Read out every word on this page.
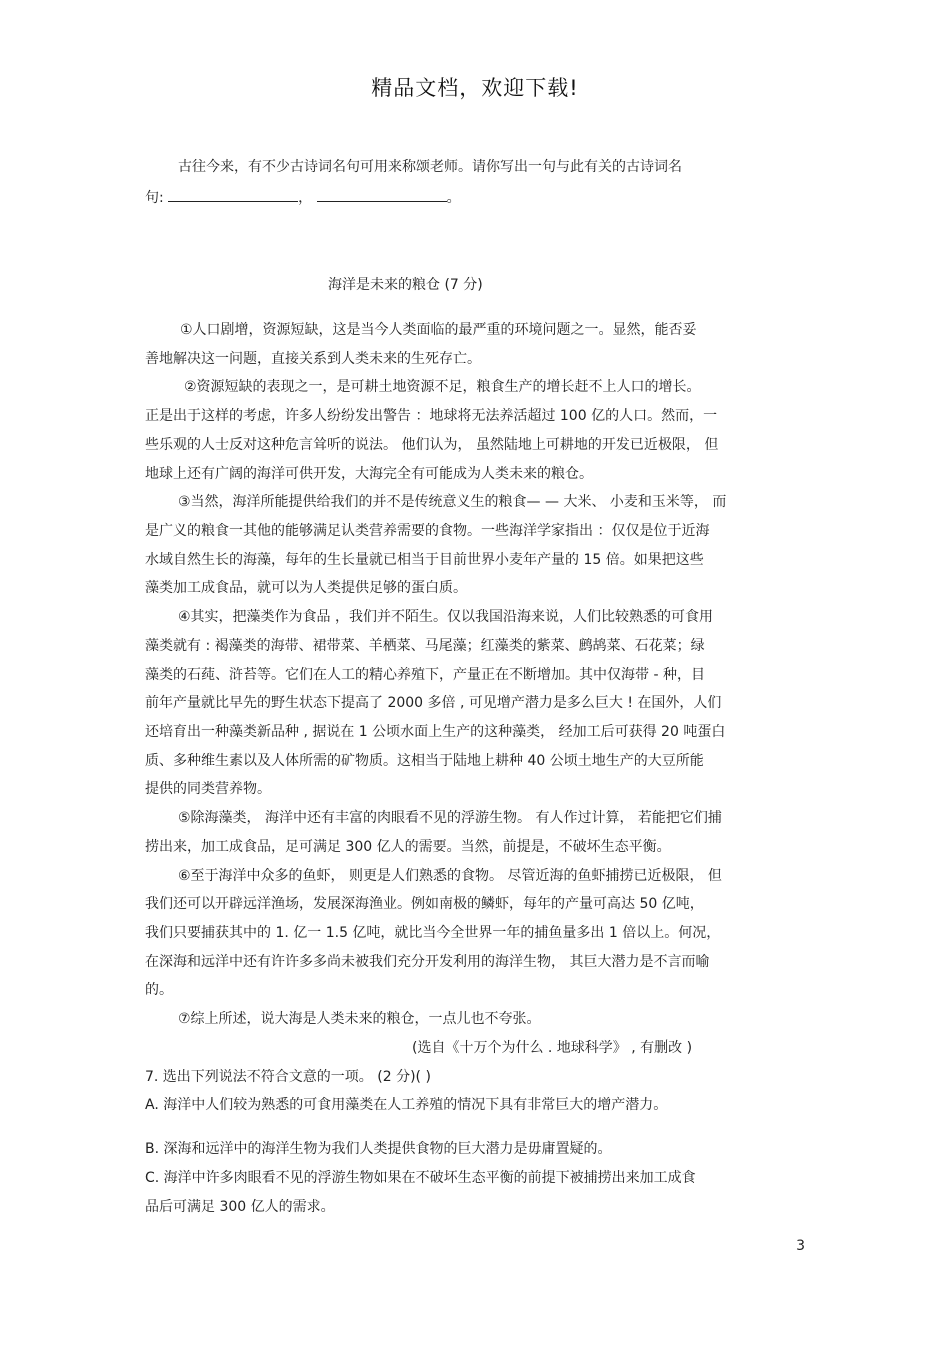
精品文档，欢迎下载!
古往今来，有不少古诗词名句可用来称颂老师。请你写出一句与此有关的古诗词名
句:	，	。
海洋是未来的粮仓 (7 分)
①人口剧增，资源短缺，这是当今人类面临的最严重的环境问题之一。显然，能否妥
善地解决这一问题，直接关系到人类未来的生死存亡。
②资源短缺的表现之一，是可耕土地资源不足，粮食生产的增长赶不上人口的增长。
正是出于这样的考虑，许多人纷纷发出警告 ：地球将无法养活超过 100 亿的人口。然而，一
些乐观的人士反对这种危言耸听的说法。 他们认为， 虽然陆地上可耕地的开发已近极限， 但
地球上还有广阔的海洋可供开发，大海完全有可能成为人类未来的粮仓。
③当然，海洋所能提供给我们的并不是传统意义生的粮食— — 大米、 小麦和玉米等， 而
是广义的粮食一其他的能够满足认类营养需要的食物。一些海洋学家指出 ：仅仅是位于近海
水域自然生长的海藻，每年的生长量就已相当于目前世界小麦年产量的 15 倍。如果把这些
藻类加工成食品，就可以为人类提供足够的蛋白质。
④其实，把藻类作为食品 ，我们并不陌生。仅以我国沿海来说，人们比较熟悉的可食用
藻类就有 : 褐藻类的海带、裙带菜、羊栖菜、马尾藻；红藻类的紫菜、鹧鸪菜、石花菜；绿
藻类的石莼、浒苔等。它们在人工的精心养殖下，产量正在不断增加。其中仅海带 - 种，目
前年产量就比早先的野生状态下提高了 2000 多倍 , 可见增产潜力是多么巨大 ! 在国外，人们
还培育出一种藻类新品种 , 据说在 1 公顷水面上生产的这种藻类， 经加工后可获得 20 吨蛋白
质、多种维生素以及人体所需的矿物质。这相当于陆地上耕种 40 公顷土地生产的大豆所能
提供的同类营养物。
⑤除海藻类， 海洋中还有丰富的肉眼看不见的浮游生物。 有人作过计算， 若能把它们捕
捞出来，加工成食品，足可满足 300 亿人的需要。当然，前提是，不破坏生态平衡。
⑥至于海洋中众多的鱼虾， 则更是人们熟悉的食物。 尽管近海的鱼虾捕捞已近极限， 但
我们还可以开辟远洋渔场，发展深海渔业。例如南极的鳞虾，每年的产量可高达 50 亿吨，
我们只要捕获其中的 1. 亿一 1.5 亿吨，就比当今全世界一年的捕鱼量多出 1 倍以上。何况，
在深海和远洋中还有许许多多尚未被我们充分开发利用的海洋生物， 其巨大潜力是不言而喻
的。
⑦综上所述，说大海是人类未来的粮仓，一点儿也不夸张。
(选自《十万个为什么 . 地球科学》 , 有删改 )
7. 选出下列说法不符合文意的一项。 (2 分)( )
A. 海洋中人们较为熟悉的可食用藻类在人工养殖的情况下具有非常巨大的增产潜力。
B. 深海和远洋中的海洋生物为我们人类提供食物的巨大潜力是毋庸置疑的。
C. 海洋中许多肉眼看不见的浮游生物如果在不破坏生态平衡的前提下被捕捞出来加工成食
品后可满足 300 亿人的需求。
3
